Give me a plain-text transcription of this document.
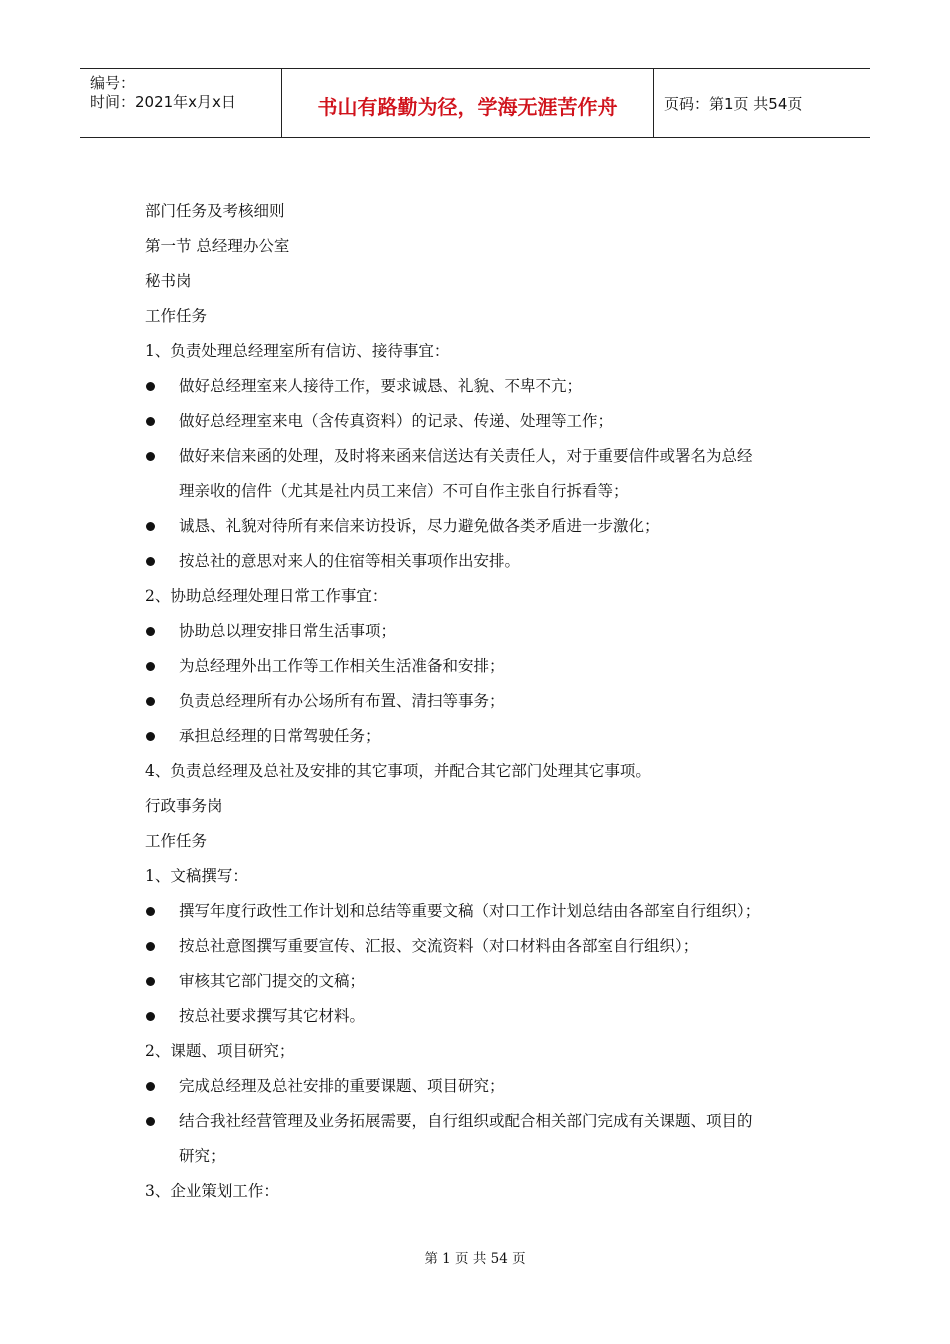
编号：
时间：2021年x月x日	书山有路勤为径，学海无涯苦作舟	页码：第1页 共54页
部门任务及考核细则
第一节 总经理办公室
秘书岗
工作任务
1、负责处理总经理室所有信访、接待事宜：
做好总经理室来人接待工作，要求诚恳、礼貌、不卑不亢；
做好总经理室来电（含传真资料）的记录、传递、处理等工作；
做好来信来函的处理，及时将来函来信送达有关责任人，对于重要信件或署名为总经
理亲收的信件（尤其是社内员工来信）不可自作主张自行拆看等；
诚恳、礼貌对待所有来信来访投诉，尽力避免做各类矛盾进一步激化；
按总社的意思对来人的住宿等相关事项作出安排。
2、协助总经理处理日常工作事宜：
协助总以理安排日常生活事项；
为总经理外出工作等工作相关生活准备和安排；
负责总经理所有办公场所有布置、清扫等事务；
承担总经理的日常驾驶任务；
4、负责总经理及总社及安排的其它事项，并配合其它部门处理其它事项。
行政事务岗
工作任务
1、文稿撰写：
撰写年度行政性工作计划和总结等重要文稿（对口工作计划总结由各部室自行组织）；
按总社意图撰写重要宣传、汇报、交流资料（对口材料由各部室自行组织）；
审核其它部门提交的文稿；
按总社要求撰写其它材料。
2、课题、项目研究；
完成总经理及总社安排的重要课题、项目研究；
结合我社经营管理及业务拓展需要，自行组织或配合相关部门完成有关课题、项目的
研究；
3、企业策划工作：
第 1 页 共 54 页
